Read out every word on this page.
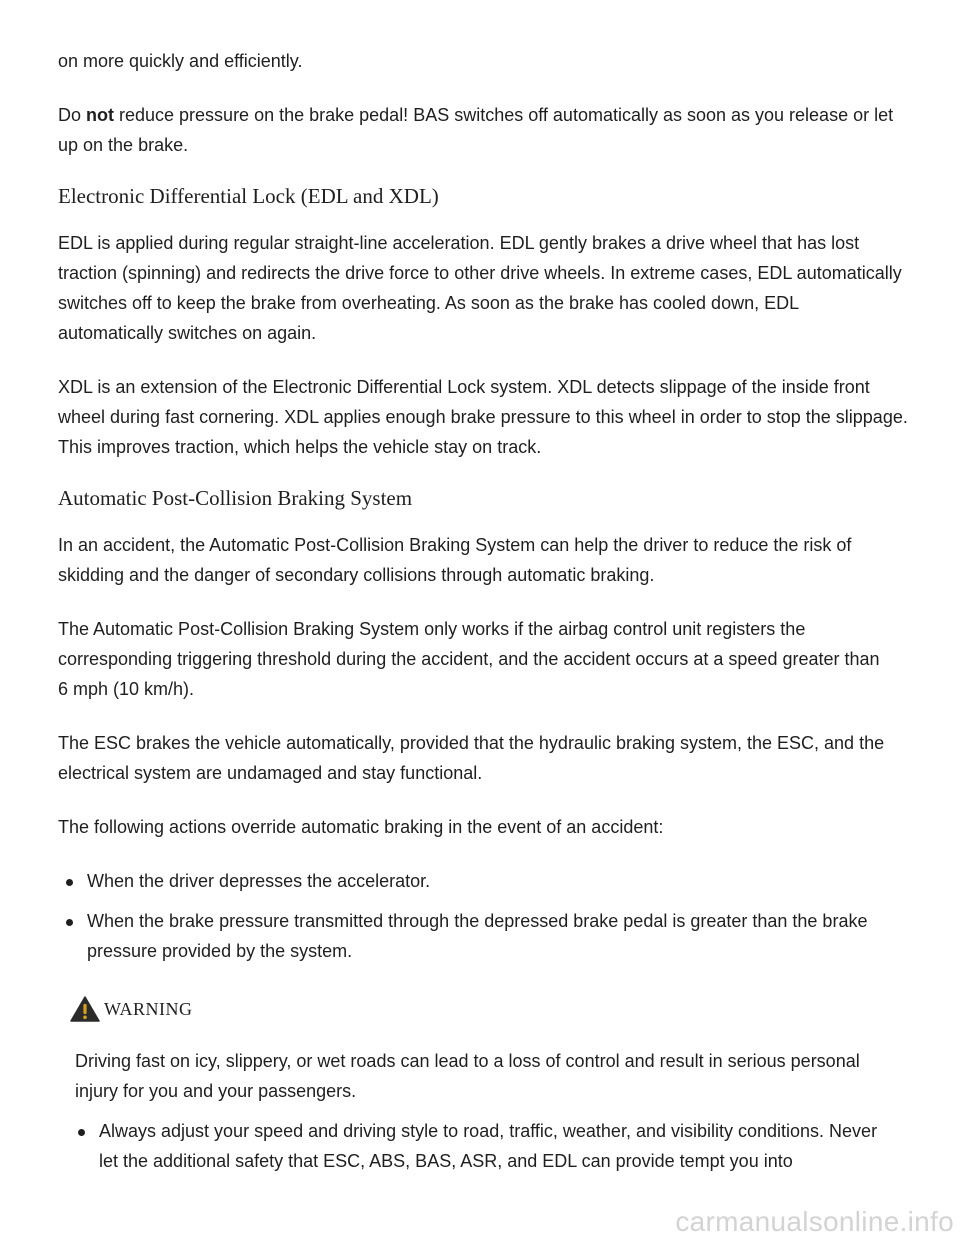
on more quickly and efficiently.

Do not reduce pressure on the brake pedal! BAS switches off automatically as soon as you release or let up on the brake.

Electronic Differential Lock (EDL and XDL)

EDL is applied during regular straight-line acceleration. EDL gently brakes a drive wheel that has lost traction (spinning) and redirects the drive force to other drive wheels. In extreme cases, EDL automatically switches off to keep the brake from overheating. As soon as the brake has cooled down, EDL automatically switches on again.

XDL is an extension of the Electronic Differential Lock system. XDL detects slippage of the inside front wheel during fast cornering. XDL applies enough brake pressure to this wheel in order to stop the slippage. This improves traction, which helps the vehicle stay on track.

Automatic Post-Collision Braking System

In an accident, the Automatic Post-Collision Braking System can help the driver to reduce the risk of skidding and the danger of secondary collisions through automatic braking.

The Automatic Post-Collision Braking System only works if the airbag control unit registers the corresponding triggering threshold during the accident, and the accident occurs at a speed greater than
6 mph (10 km/h).

The ESC brakes the vehicle automatically, provided that the hydraulic braking system, the ESC, and the electrical system are undamaged and stay functional.

The following actions override automatic braking in the event of an accident:

When the driver depresses the accelerator.
When the brake pressure transmitted through the depressed brake pedal is greater than the brake pressure provided by the system.
WARNING

Driving fast on icy, slippery, or wet roads can lead to a loss of control and result in serious personal injury for you and your passengers.

Always adjust your speed and driving style to road, traffic, weather, and visibility conditions. Never let the additional safety that ESC, ABS, BAS, ASR, and EDL can provide tempt you into
carmanualsonline.info
